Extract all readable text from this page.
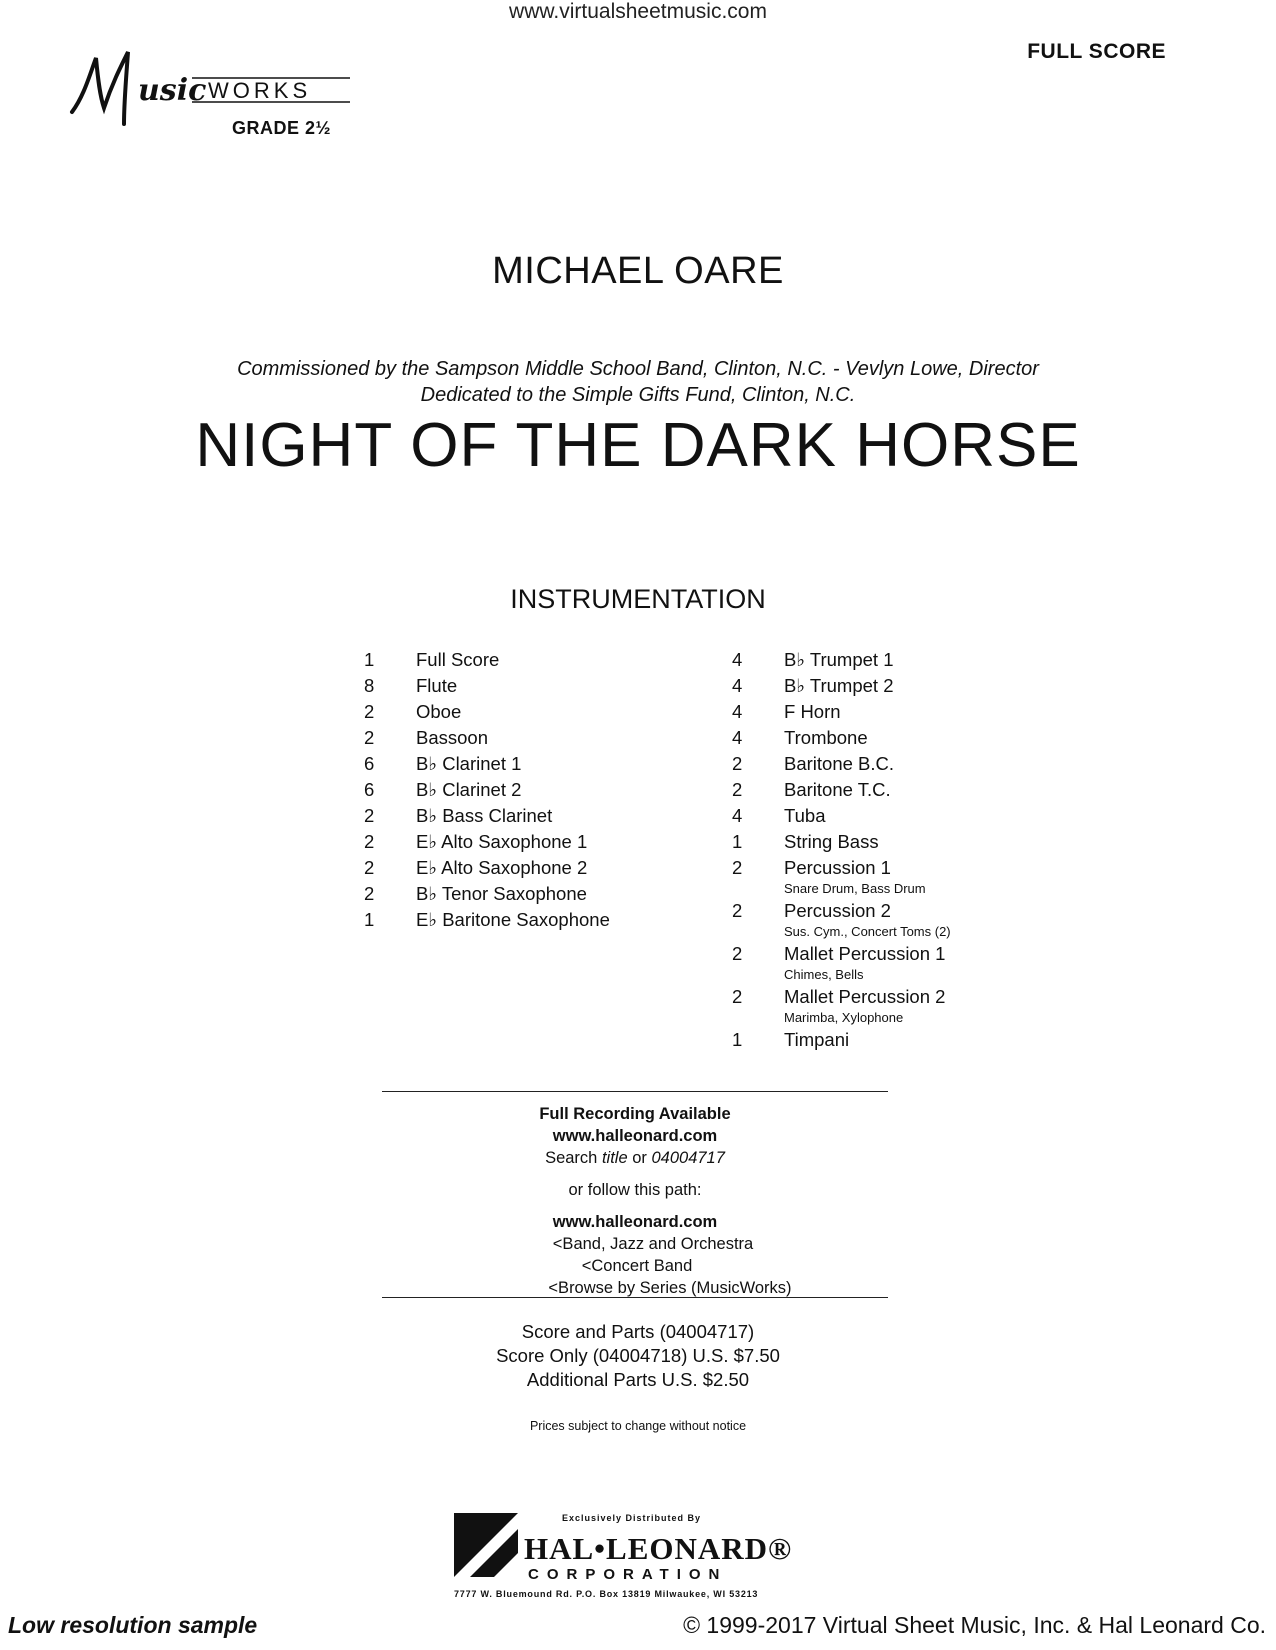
www.virtualsheetmusic.com
FULL SCORE
usic WORKS
GRADE 2½
MICHAEL OARE
Commissioned by the Sampson Middle School Band, Clinton, N.C. - Vevlyn Lowe, Director
Dedicated to the Simple Gifts Fund, Clinton, N.C.
NIGHT OF THE DARK HORSE
INSTRUMENTATION
1	Full Score
8	Flute
2	Oboe
2	Bassoon
6	B♭ Clarinet 1
6	B♭ Clarinet 2
2	B♭ Bass Clarinet
2	E♭ Alto Saxophone 1
2	E♭ Alto Saxophone 2
2	B♭ Tenor Saxophone
1	E♭ Baritone Saxophone
4	B♭ Trumpet 1
4	B♭ Trumpet 2
4	F Horn
4	Trombone
2	Baritone B.C.
2	Baritone T.C.
4	Tuba
1	String Bass
2	Percussion 1
Snare Drum, Bass Drum
2	Percussion 2
Sus. Cym., Concert Toms (2)
2	Mallet Percussion 1
Chimes, Bells
2	Mallet Percussion 2
Marimba, Xylophone
1	Timpani
Full Recording Available
www.halleonard.com
Search title or 04004717
or follow this path:
www.halleonard.com
<Band, Jazz and Orchestra
<Concert Band
<Browse by Series (MusicWorks)
Score and Parts (04004717)
Score Only (04004718) U.S. $7.50
Additional Parts U.S. $2.50
Prices subject to change without notice
Exclusively Distributed By
HAL•LEONARD®
CORPORATION
7777 W. Bluemound Rd. P.O. Box 13819 Milwaukee, WI 53213
Low resolution sample	© 1999-2017 Virtual Sheet Music, Inc. & Hal Leonard Co.
